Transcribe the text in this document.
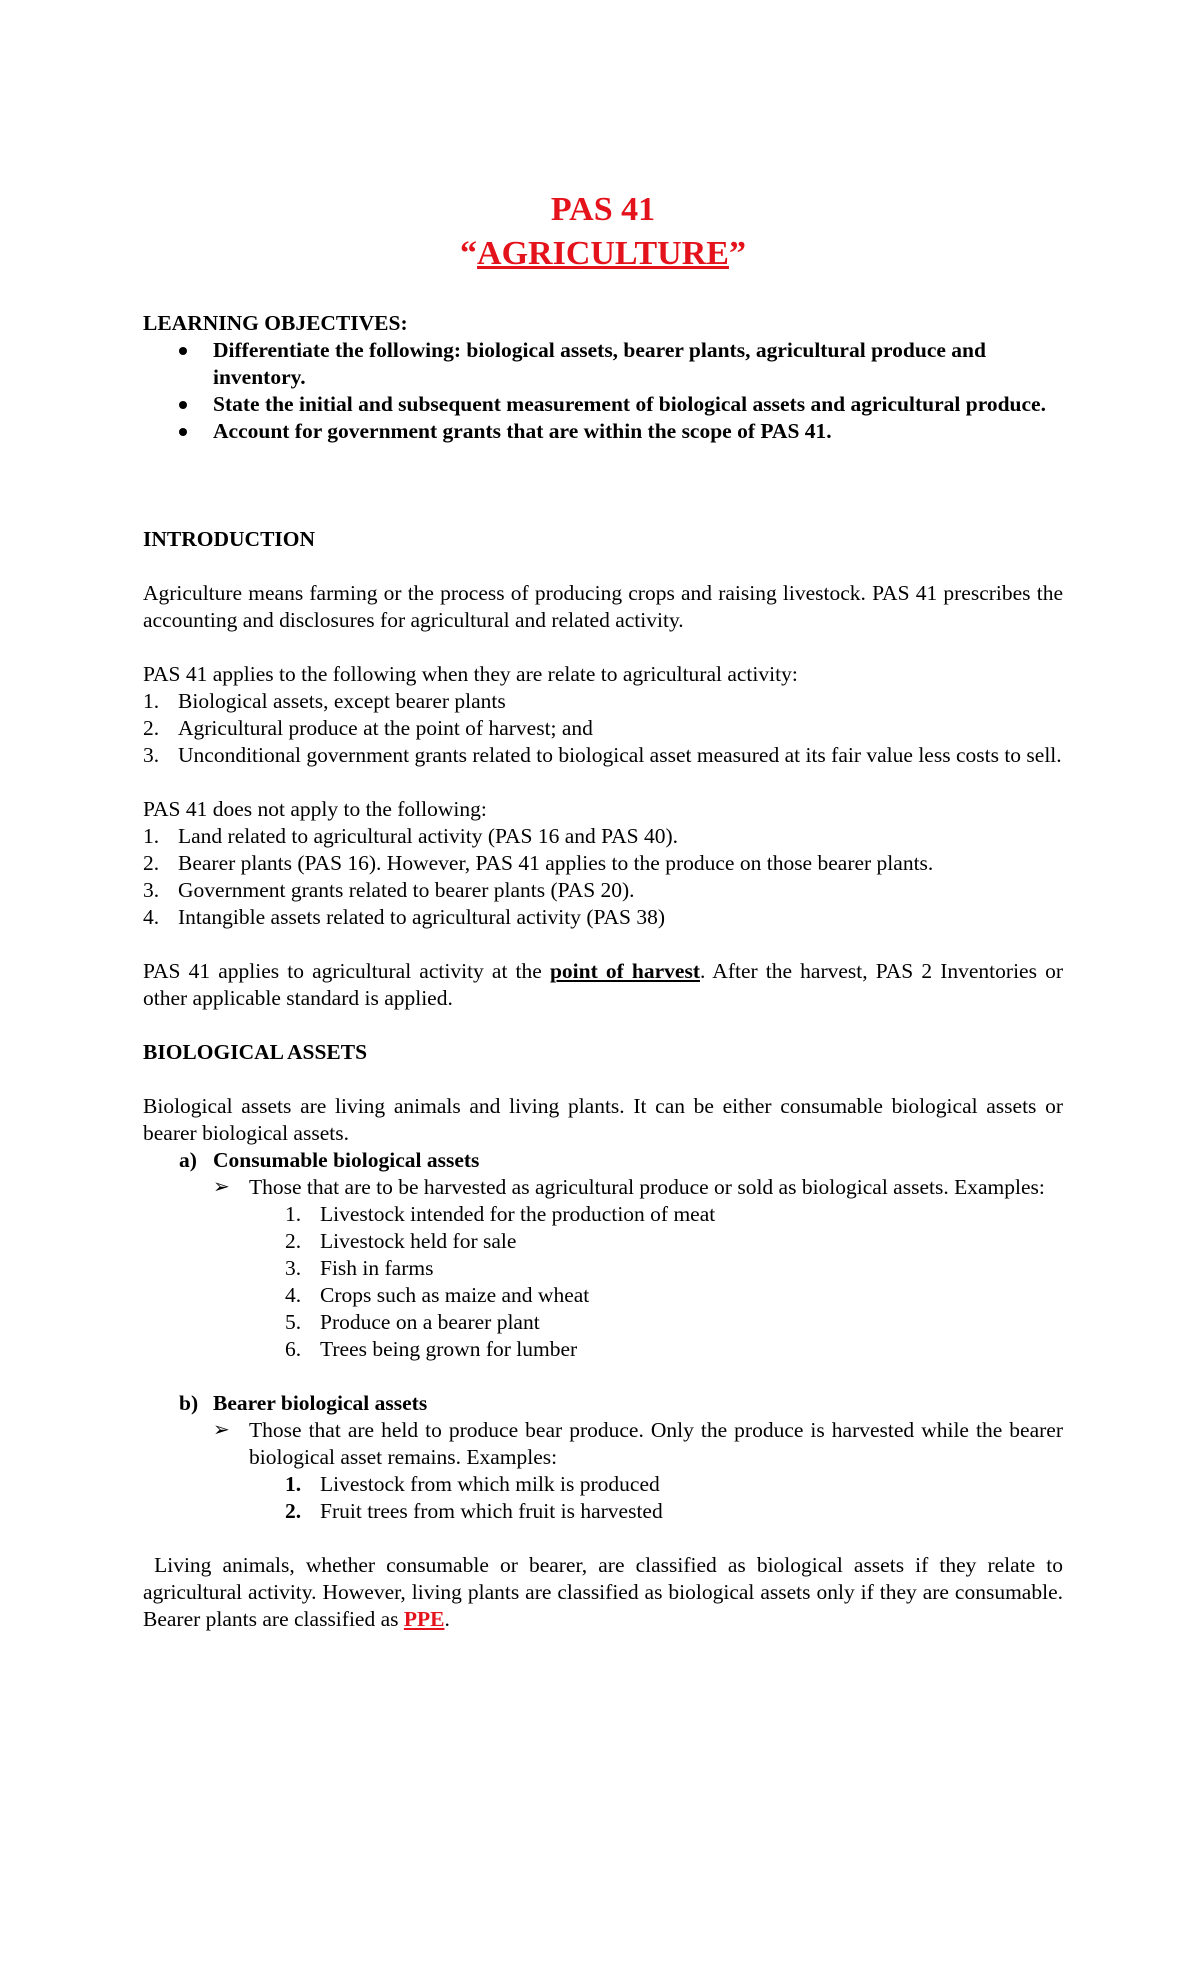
PAS 41
“AGRICULTURE”

LEARNING OBJECTIVES:

Differentiate the following: biological assets, bearer plants, agricultural produce and inventory.
State the initial and subsequent measurement of biological assets and agricultural produce.
Account for government grants that are within the scope of PAS 41.

INTRODUCTION

Agriculture means farming or the process of producing crops and raising livestock. PAS 41 prescribes the accounting and disclosures for agricultural and related activity.

PAS 41 applies to the following when they are relate to agricultural activity:

1. Biological assets, except bearer plants
2. Agricultural produce at the point of harvest; and
3. Unconditional government grants related to biological asset measured at its fair value less costs to sell.

PAS 41 does not apply to the following:

1. Land related to agricultural activity (PAS 16 and PAS 40).
2. Bearer plants (PAS 16). However, PAS 41 applies to the produce on those bearer plants.
3. Government grants related to bearer plants (PAS 20).
4. Intangible assets related to agricultural activity (PAS 38)

PAS 41 applies to agricultural activity at the point of harvest. After the harvest, PAS 2 Inventories or other applicable standard is applied.

BIOLOGICAL ASSETS

Biological assets are living animals and living plants. It can be either consumable biological assets or bearer biological assets.

a) Consumable biological assets
➢ Those that are to be harvested as agricultural produce or sold as biological assets. Examples:
1. Livestock intended for the production of meat
2. Livestock held for sale
3. Fish in farms
4. Crops such as maize and wheat
5. Produce on a bearer plant
6. Trees being grown for lumber
b) Bearer biological assets
➢ Those that are held to produce bear produce. Only the produce is harvested while the bearer biological asset remains. Examples:
1. Livestock from which milk is produced
2. Fruit trees from which fruit is harvested

Living animals, whether consumable or bearer, are classified as biological assets if they relate to agricultural activity. However, living plants are classified as biological assets only if they are consumable. Bearer plants are classified as PPE.
